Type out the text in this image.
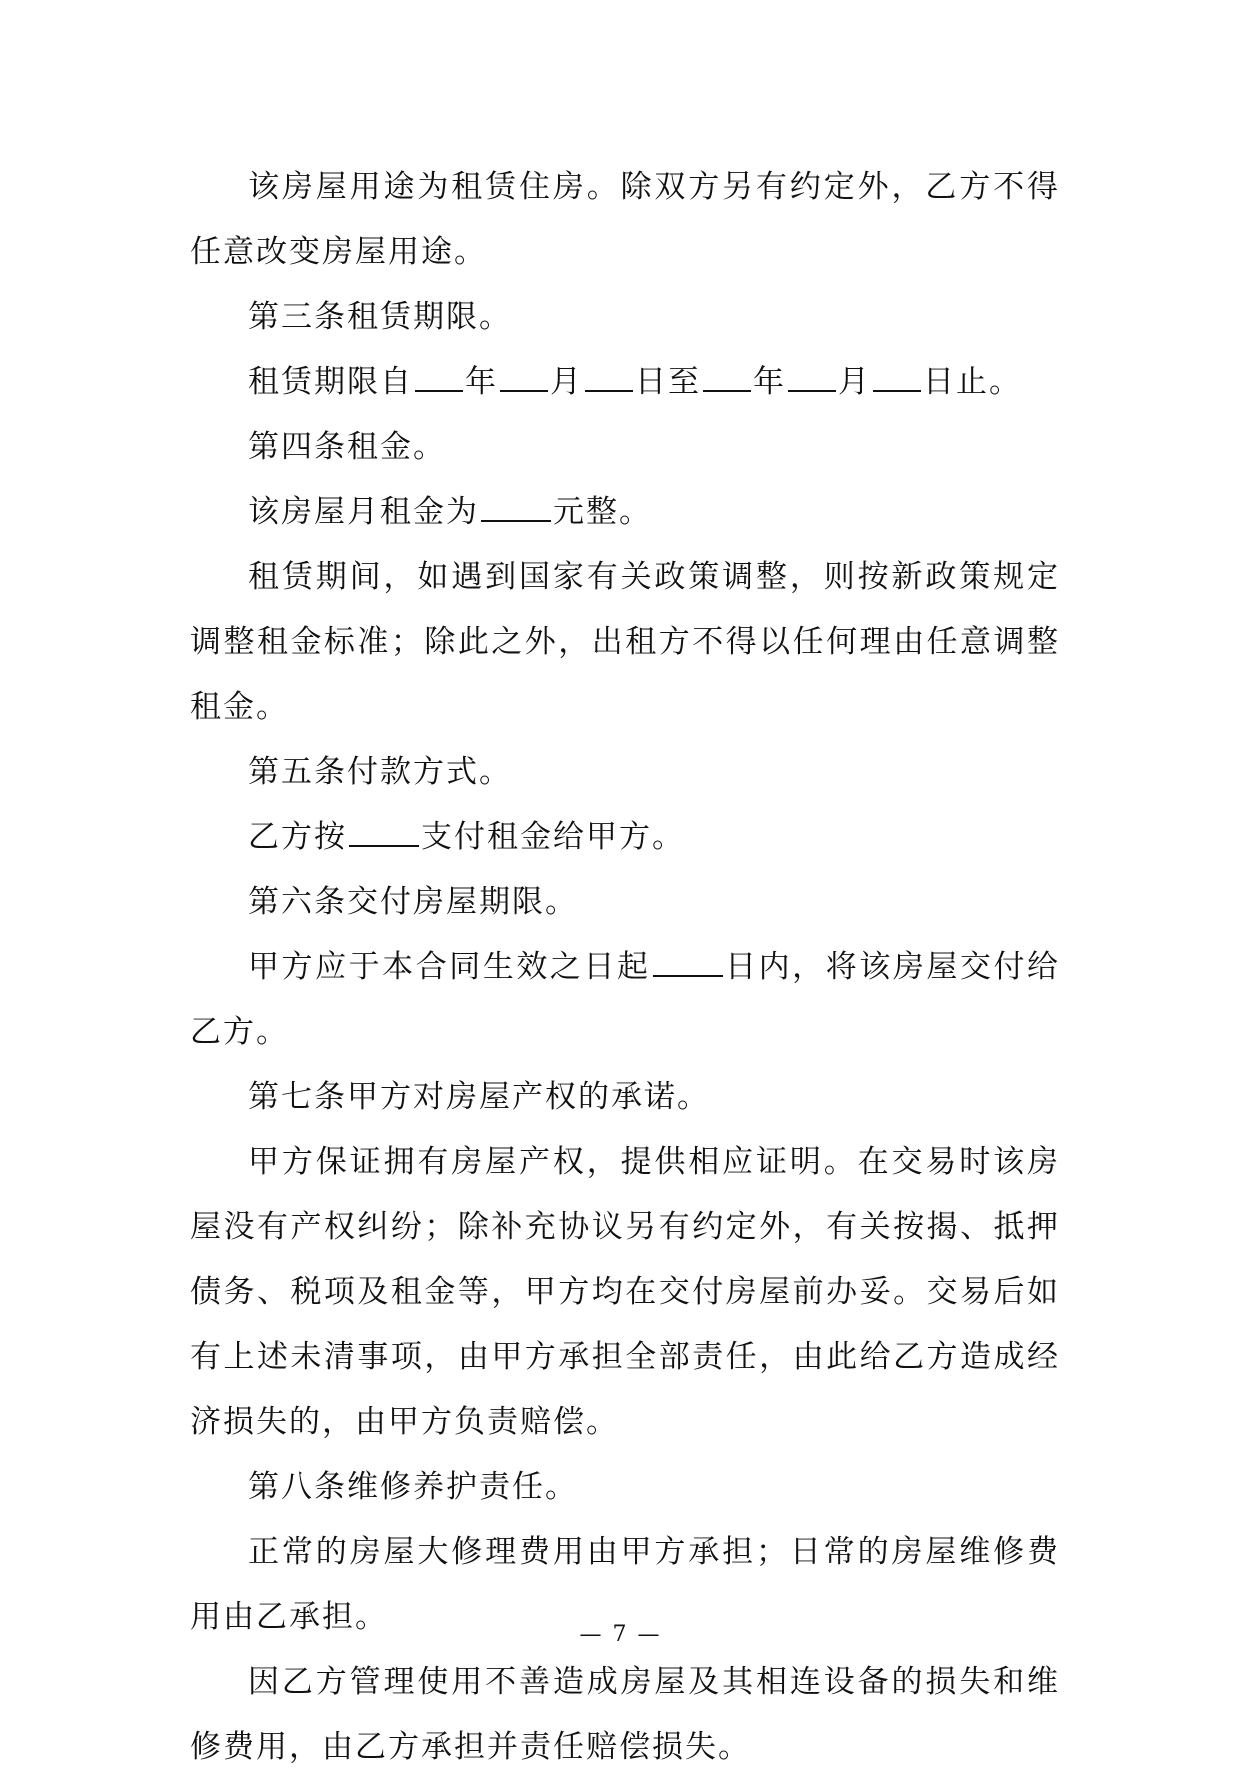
该房屋用途为租赁住房。除双方另有约定外，乙方不得任意改变房屋用途。

第三条租赁期限。

租赁期限自 年 月 日至 年 月 日止。

第四条租金。

该房屋月租金为 元整。

租赁期间，如遇到国家有关政策调整，则按新政策规定调整租金标准；除此之外，出租方不得以任何理由任意调整租金。

第五条付款方式。

乙方按 支付租金给甲方。

第六条交付房屋期限。

甲方应于本合同生效之日起 日内，将该房屋交付给乙方。

第七条甲方对房屋产权的承诺。

甲方保证拥有房屋产权，提供相应证明。在交易时该房屋没有产权纠纷；除补充协议另有约定外，有关按揭、抵押债务、税项及租金等，甲方均在交付房屋前办妥。交易后如有上述未清事项，由甲方承担全部责任，由此给乙方造成经济损失的，由甲方负责赔偿。

第八条维修养护责任。

正常的房屋大修理费用由甲方承担；日常的房屋维修费用由乙承担。

因乙方管理使用不善造成房屋及其相连设备的损失和维修费用，由乙方承担并责任赔偿损失。

— 7 —
